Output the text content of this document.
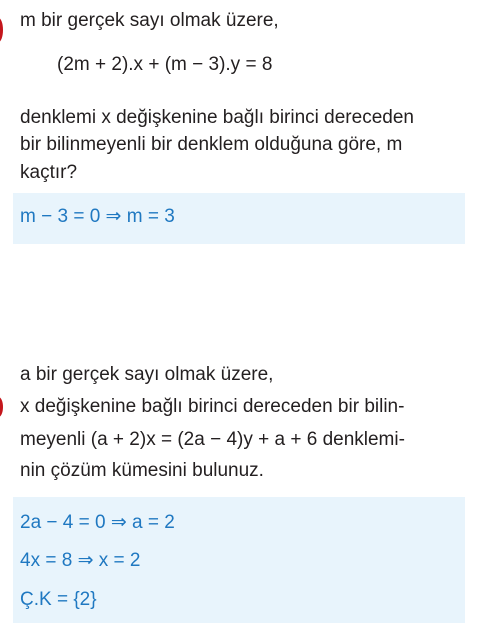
m bir gerçek sayı olmak üzere,
(2m + 2).x + (m − 3).y = 8
denklemi x değişkenine bağlı birinci dereceden
bir bilinmeyenli bir denklem olduğuna göre, m
kaçtır?
m − 3 = 0 ⇒ m = 3
a bir gerçek sayı olmak üzere,
x değişkenine bağlı birinci dereceden bir bilin-
meyenli (a + 2)x = (2a − 4)y + a + 6 denklemi-
nin çözüm kümesini bulunuz.
2a − 4 = 0 ⇒ a = 2
4x = 8 ⇒ x = 2
Ç.K = {2}
